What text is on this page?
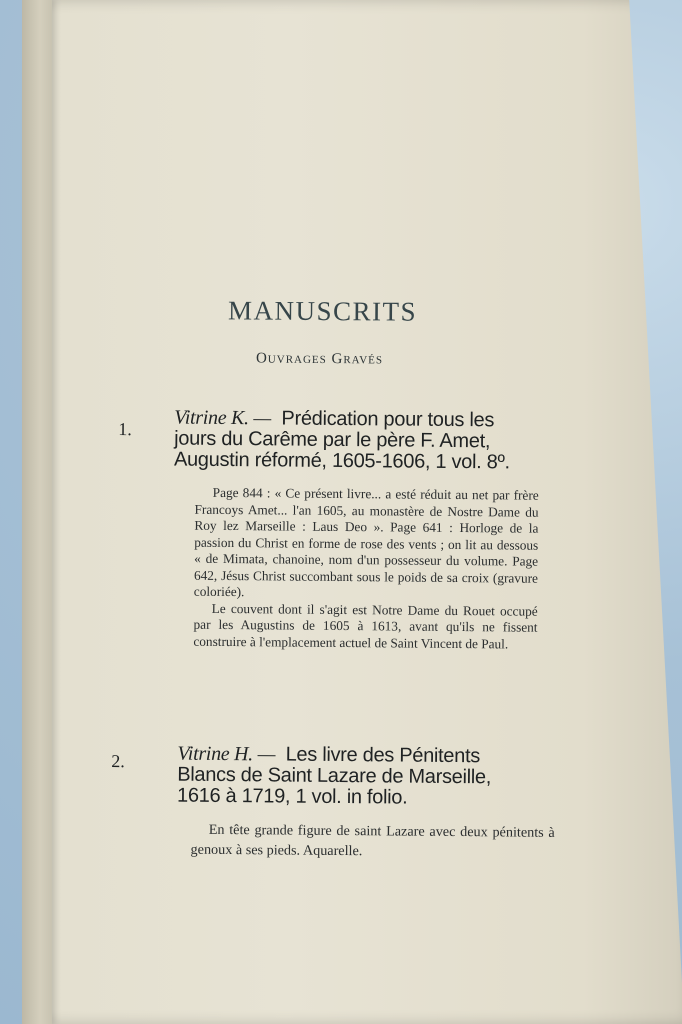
MANUSCRITS
Ouvrages Gravés
1. Vitrine K. — Prédication pour tous les
jours du Carême par le père F. Amet,
Augustin réformé, 1605-1606, 1 vol. 8º.

Page 844 : « Ce présent livre... a esté réduit au net par frère Francoys Amet... l'an 1605, au monastère de Nostre Dame du Roy lez Marseille : Laus Deo ». Page 641 : Horloge de la passion du Christ en forme de rose des vents ; on lit au dessous « de Mimata, chanoine, nom d'un possesseur du volume. Page 642, Jésus Christ succombant sous le poids de sa croix (gravure coloriée).

Le couvent dont il s'agit est Notre Dame du Rouet occupé par les Augustins de 1605 à 1613, avant qu'ils ne fissent construire à l'emplacement actuel de Saint Vincent de Paul.

2.	Vitrine H. — Les livre des Pénitents
Blancs de Saint Lazare de Marseille,
1616 à 1719, 1 vol. in folio.

En tête grande figure de saint Lazare avec deux pénitents à genoux à ses pieds. Aquarelle.
